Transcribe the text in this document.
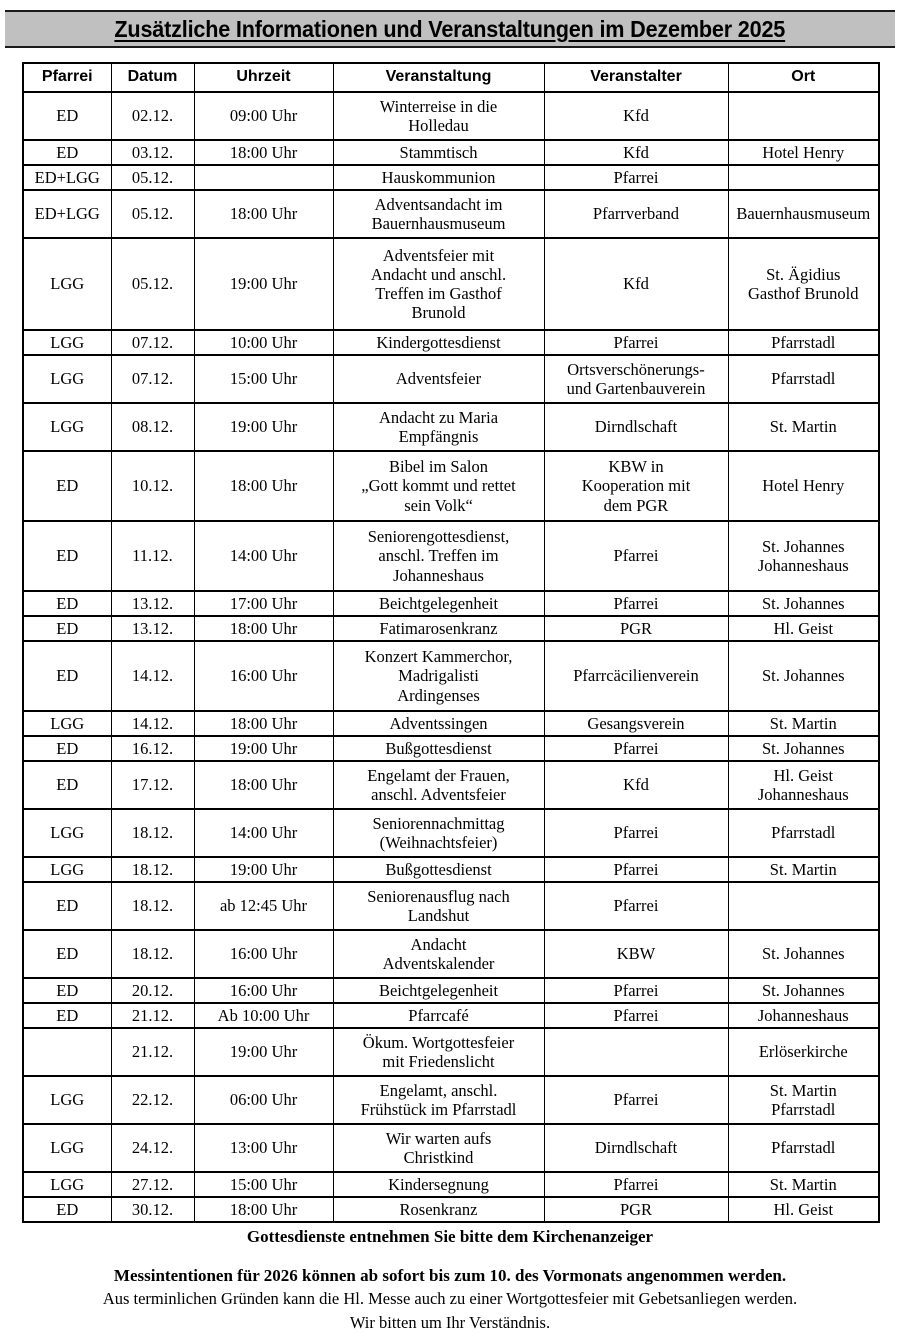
Zusätzliche Informationen und Veranstaltungen im Dezember 2025
Pfarrei	Datum	Uhrzeit	Veranstaltung	Veranstalter	Ort

ED	02.12.	09:00 Uhr	Winterreise in die
Holledau	Kfd	

ED	03.12.	18:00 Uhr	Stammtisch	Kfd	Hotel Henry

ED+LGG	05.12.		Hauskommunion	Pfarrei	

ED+LGG	05.12.	18:00 Uhr	Adventsandacht im
Bauernhausmuseum	Pfarrverband	Bauernhausmuseum

LGG	05.12.	19:00 Uhr	Adventsfeier mit
Andacht und anschl.
Treffen im Gasthof
Brunold	Kfd	St. Ägidius
Gasthof Brunold

LGG	07.12.	10:00 Uhr	Kindergottesdienst	Pfarrei	Pfarrstadl

LGG	07.12.	15:00 Uhr	Adventsfeier	Ortsverschönerungs-
und Gartenbauverein	Pfarrstadl

LGG	08.12.	19:00 Uhr	Andacht zu Maria
Empfängnis	Dirndlschaft	St. Martin

ED	10.12.	18:00 Uhr	Bibel im Salon
„Gott kommt und rettet
sein Volk“	KBW in
Kooperation mit
dem PGR	Hotel Henry

ED	11.12.	14:00 Uhr	Seniorengottesdienst,
anschl. Treffen im
Johanneshaus	Pfarrei	St. Johannes
Johanneshaus

ED	13.12.	17:00 Uhr	Beichtgelegenheit	Pfarrei	St. Johannes

ED	13.12.	18:00 Uhr	Fatimarosenkranz	PGR	Hl. Geist

ED	14.12.	16:00 Uhr	Konzert Kammerchor,
Madrigalisti
Ardingenses	Pfarrcäcilienverein	St. Johannes

LGG	14.12.	18:00 Uhr	Adventssingen	Gesangsverein	St. Martin

ED	16.12.	19:00 Uhr	Bußgottesdienst	Pfarrei	St. Johannes

ED	17.12.	18:00 Uhr	Engelamt der Frauen,
anschl. Adventsfeier	Kfd	Hl. Geist
Johanneshaus

LGG	18.12.	14:00 Uhr	Seniorennachmittag
(Weihnachtsfeier)	Pfarrei	Pfarrstadl

LGG	18.12.	19:00 Uhr	Bußgottesdienst	Pfarrei	St. Martin

ED	18.12.	ab 12:45 Uhr	Seniorenausflug nach
Landshut	Pfarrei	

ED	18.12.	16:00 Uhr	Andacht
Adventskalender	KBW	St. Johannes

ED	20.12.	16:00 Uhr	Beichtgelegenheit	Pfarrei	St. Johannes

ED	21.12.	Ab 10:00 Uhr	Pfarrcafé	Pfarrei	Johanneshaus

	21.12.	19:00 Uhr	Ökum. Wortgottesfeier
mit Friedenslicht		Erlöserkirche

LGG	22.12.	06:00 Uhr	Engelamt, anschl.
Frühstück im Pfarrstadl	Pfarrei	St. Martin
Pfarrstadl

LGG	24.12.	13:00 Uhr	Wir warten aufs
Christkind	Dirndlschaft	Pfarrstadl

LGG	27.12.	15:00 Uhr	Kindersegnung	Pfarrei	St. Martin

ED	30.12.	18:00 Uhr	Rosenkranz	PGR	Hl. Geist
Gottesdienste entnehmen Sie bitte dem Kirchenanzeiger
Messintentionen für 2026 können ab sofort bis zum 10. des Vormonats angenommen werden.
Aus terminlichen Gründen kann die Hl. Messe auch zu einer Wortgottesfeier mit Gebetsanliegen werden.
Wir bitten um Ihr Verständnis.
